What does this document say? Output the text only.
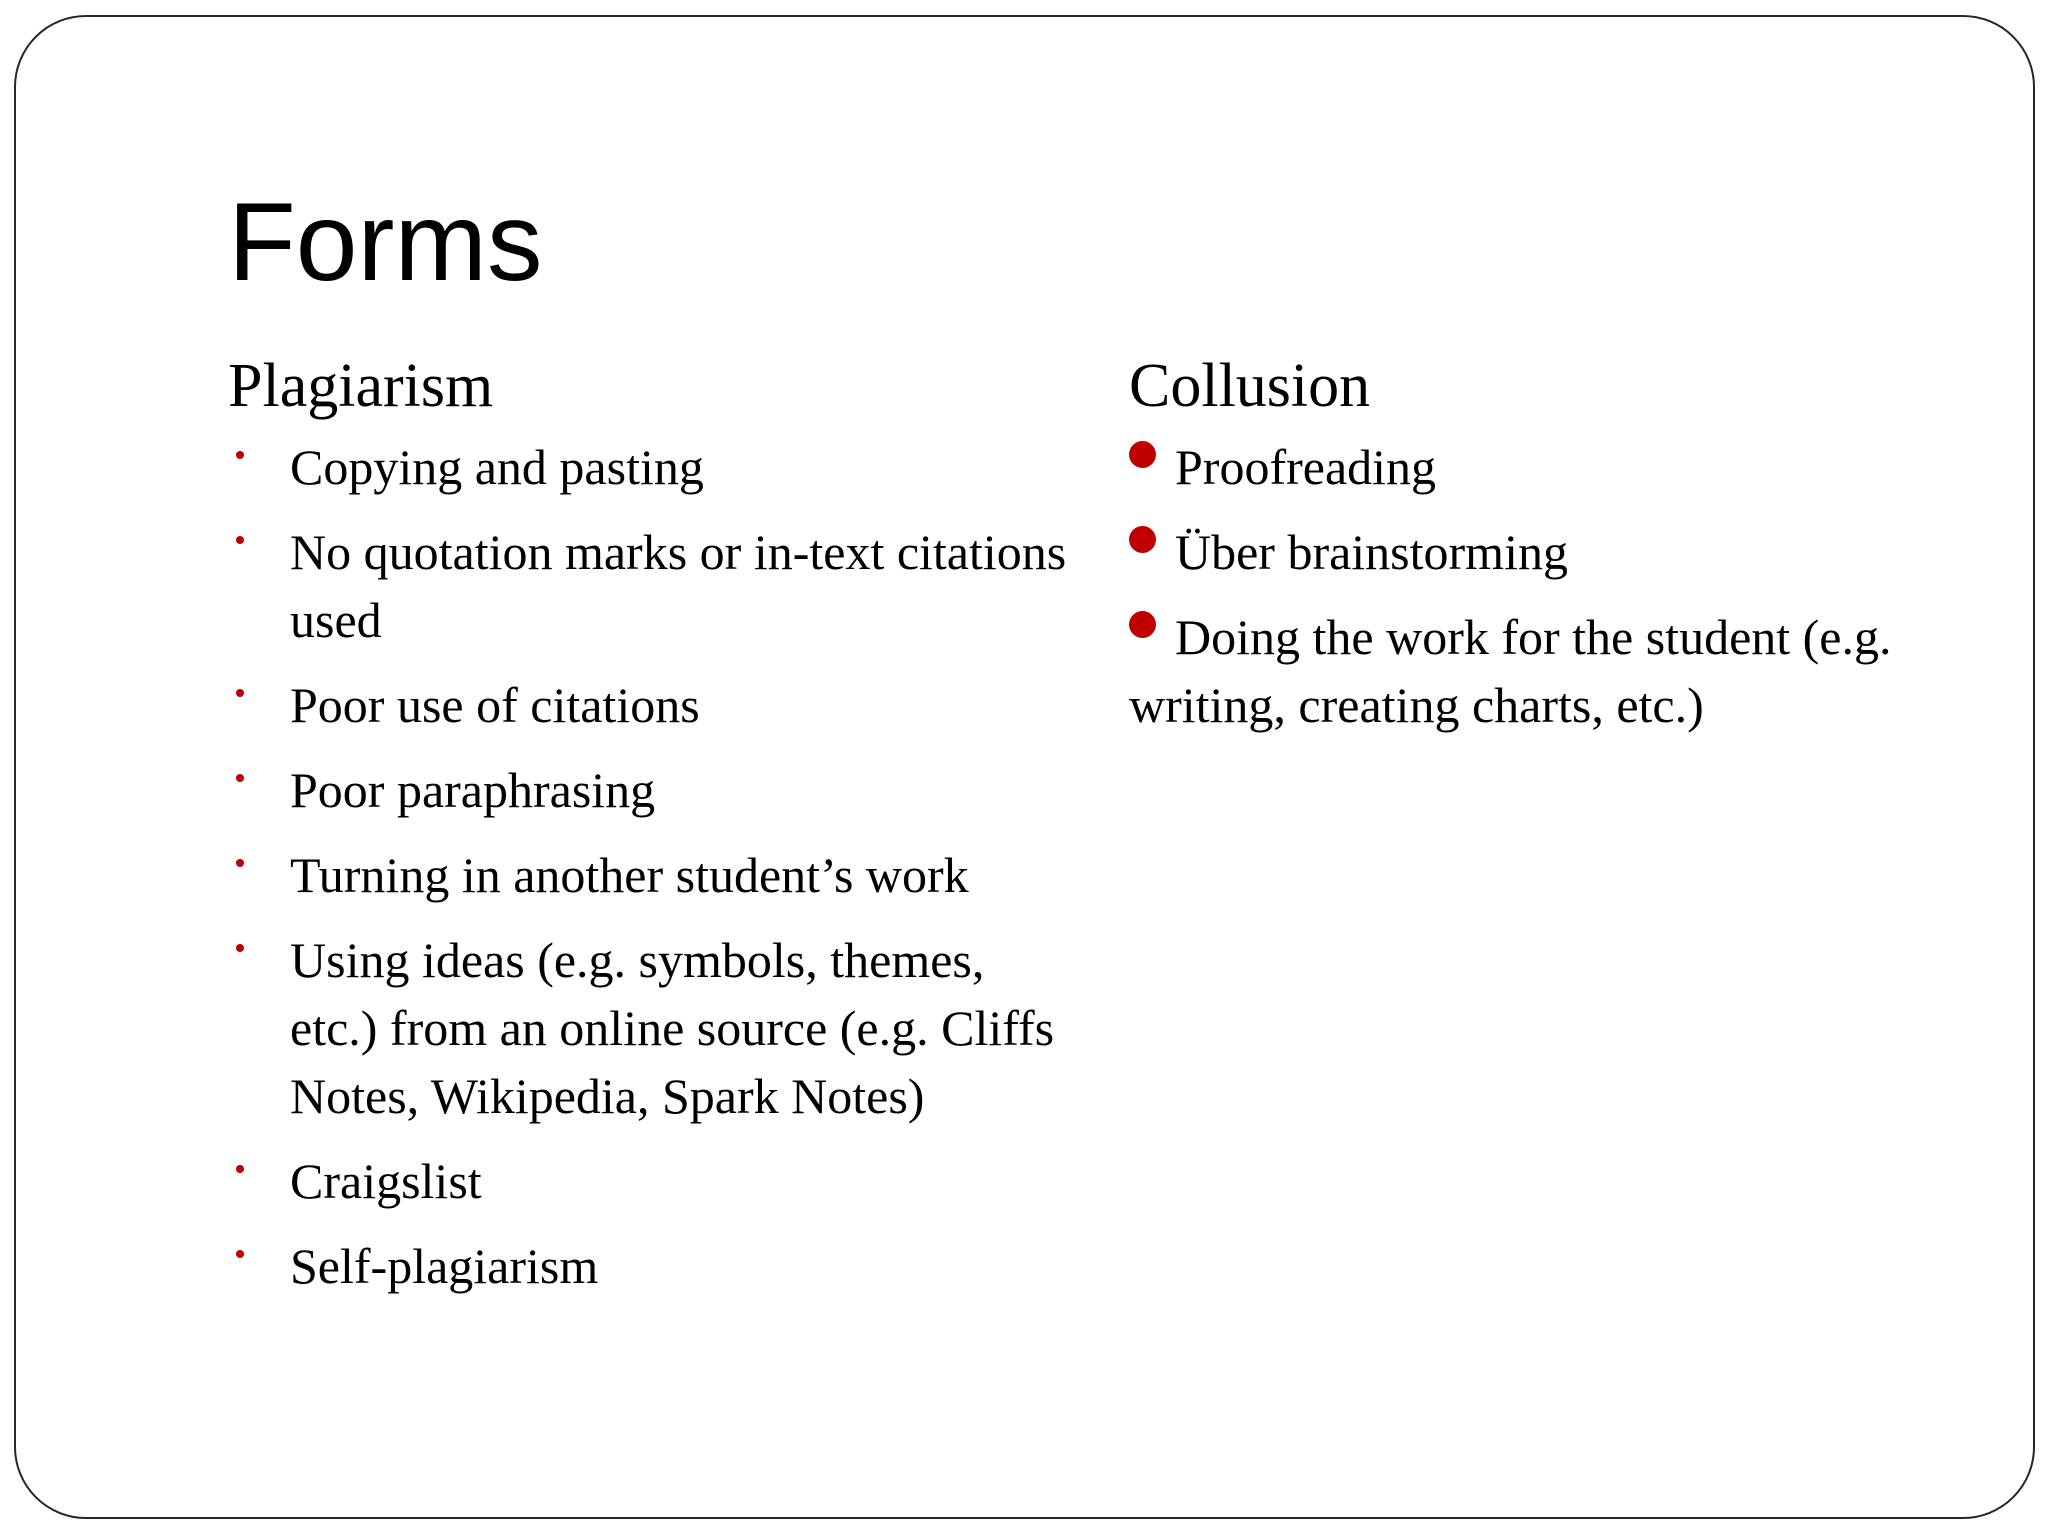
Forms
Plagiarism
Copying and pasting
No quotation marks or in-text citations used
Poor use of citations
Poor paraphrasing
Turning in another student’s work
Using ideas (e.g. symbols, themes, etc.) from an online source (e.g. Cliffs Notes, Wikipedia, Spark Notes)
Craigslist
Self-plagiarism
Collusion
Proofreading
Über brainstorming
Doing the work for the student (e.g. writing, creating charts, etc.)
